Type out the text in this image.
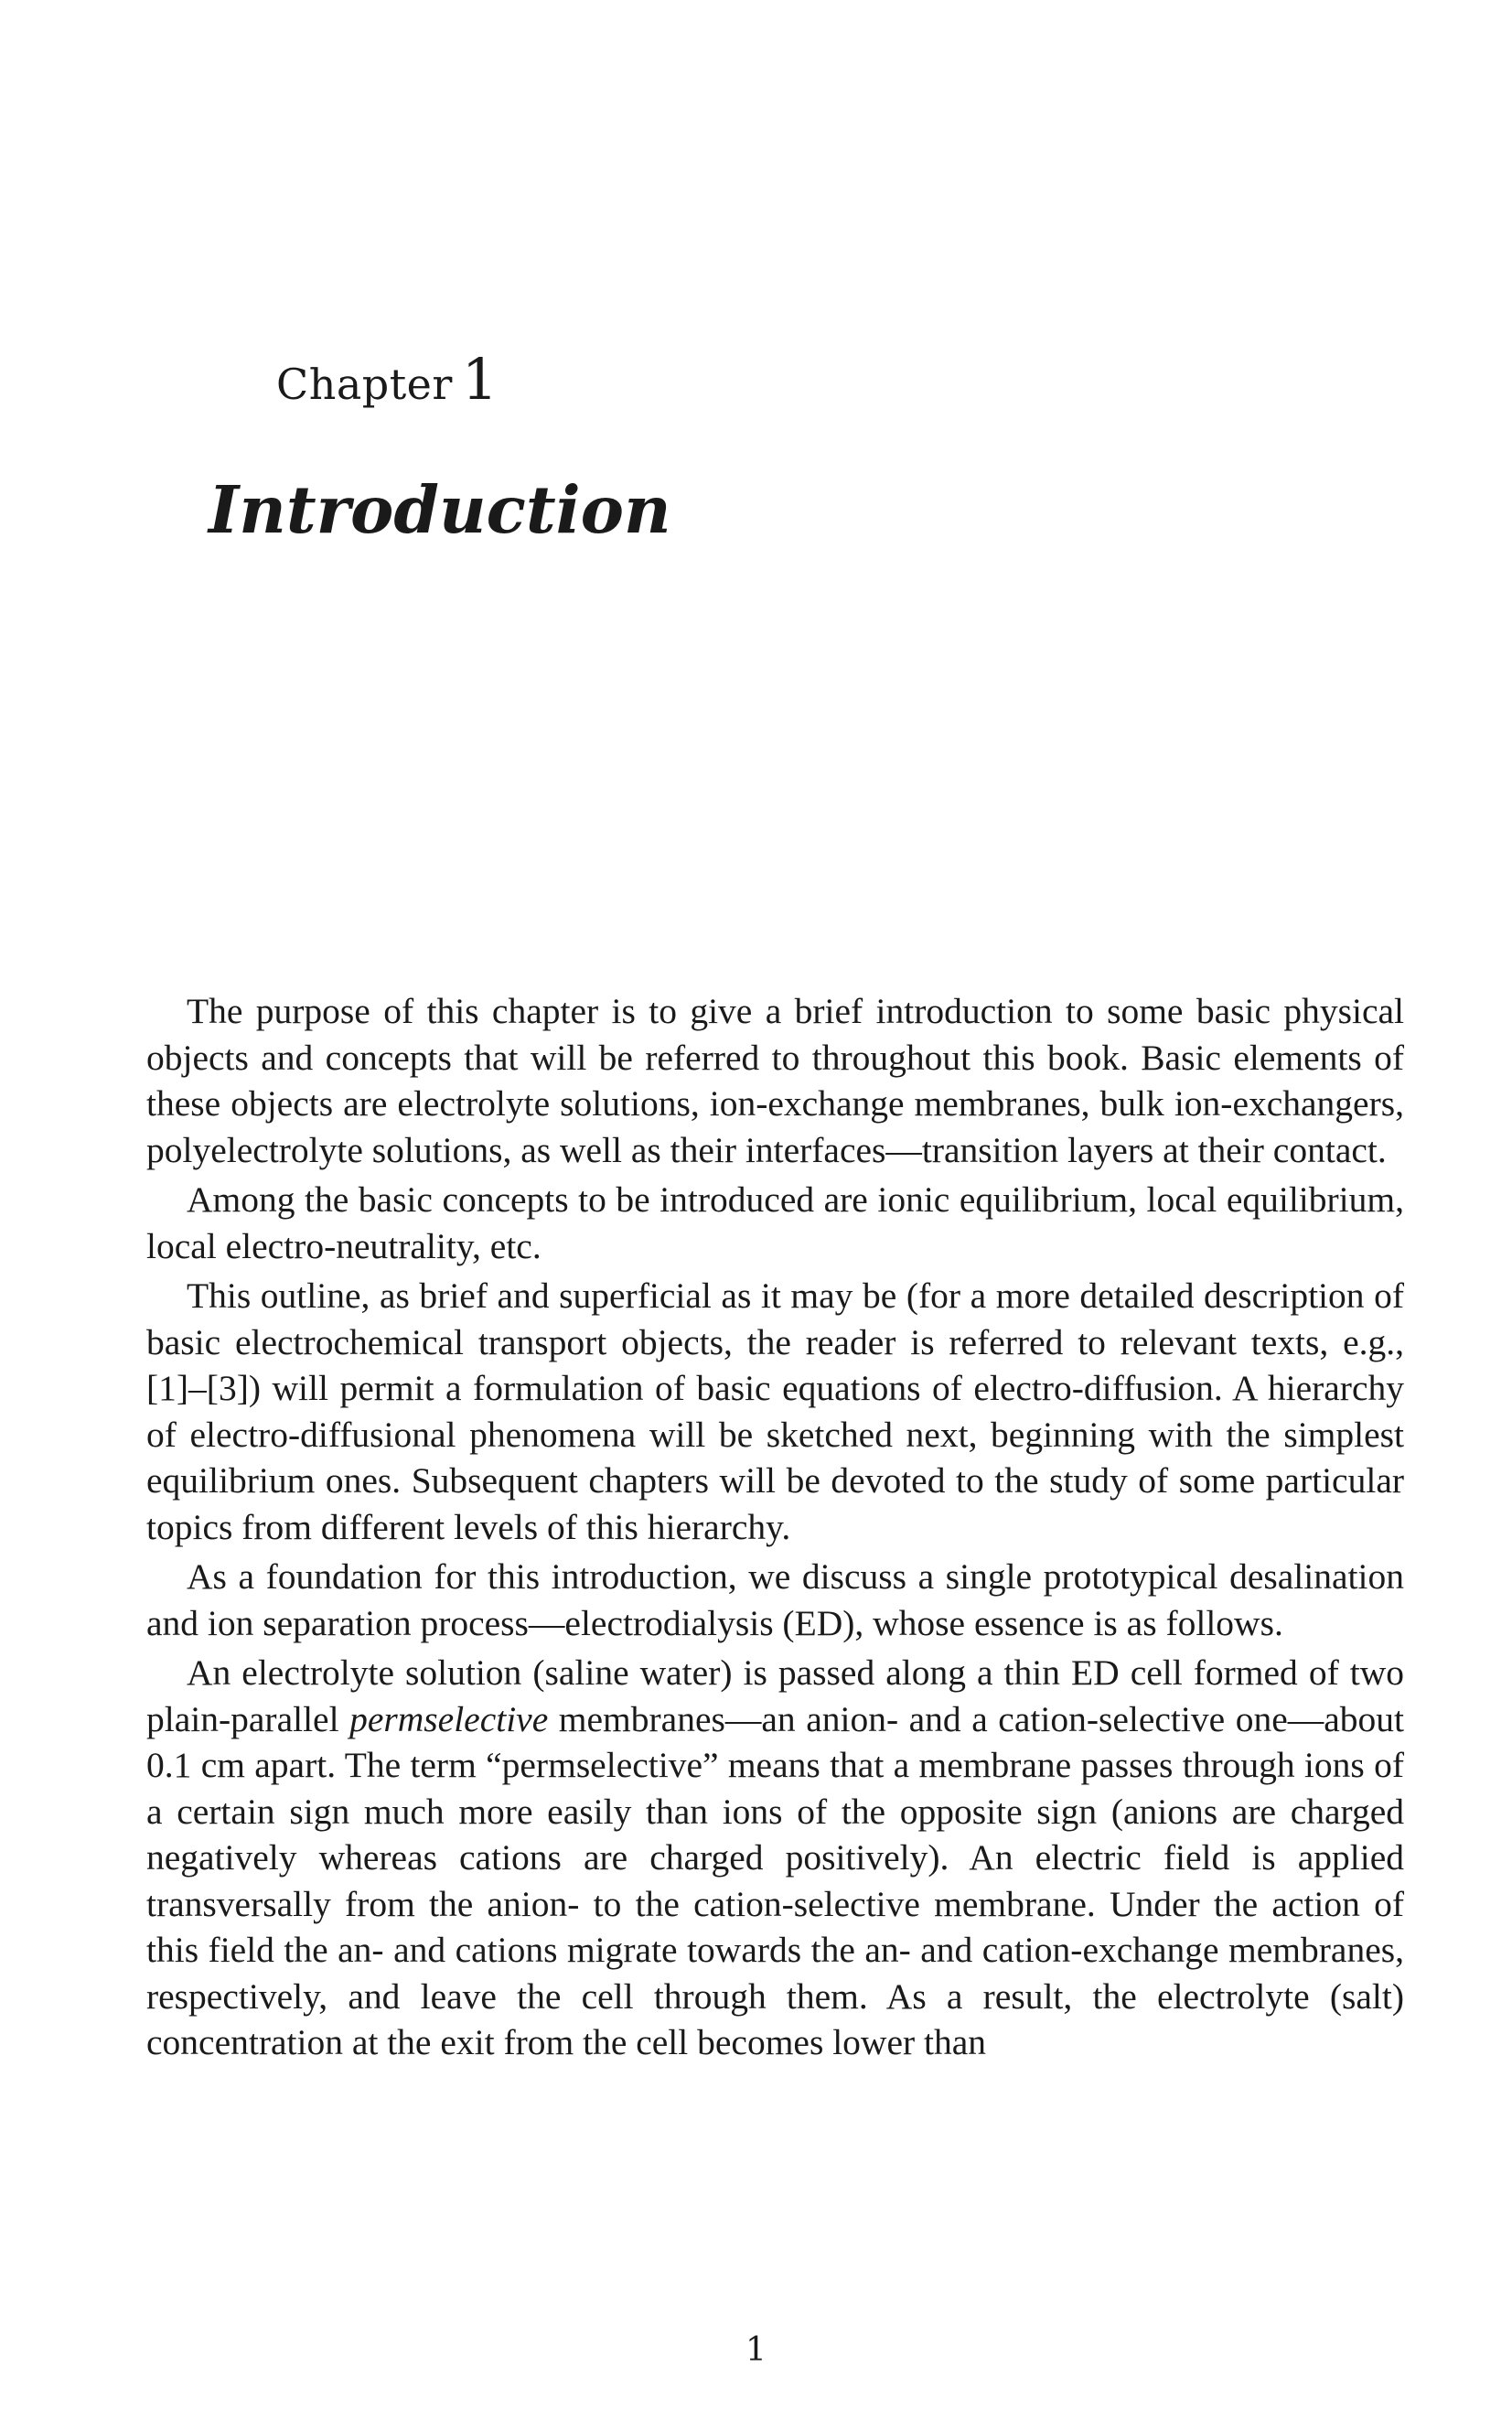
Chapter 1
Introduction

The purpose of this chapter is to give a brief introduction to some basic physical objects and concepts that will be referred to throughout this book. Basic elements of these objects are electrolyte solutions, ion-exchange membranes, bulk ion-exchangers, polyelectrolyte solutions, as well as their interfaces—transition layers at their contact.

Among the basic concepts to be introduced are ionic equilibrium, local equilibrium, local electro-neutrality, etc.

This outline, as brief and superficial as it may be (for a more detailed description of basic electrochemical transport objects, the reader is referred to relevant texts, e.g., [1]–[3]) will permit a formulation of basic equations of electro-diffusion. A hierarchy of electro-diffusional phenomena will be sketched next, beginning with the simplest equilibrium ones. Subsequent chapters will be devoted to the study of some particular topics from different levels of this hierarchy.

As a foundation for this introduction, we discuss a single prototypical desalination and ion separation process—electrodialysis (ED), whose essence is as follows.

An electrolyte solution (saline water) is passed along a thin ED cell formed of two plain-parallel permselective membranes—an anion- and a cation-selective one—about 0.1 cm apart. The term “permselective” means that a membrane passes through ions of a certain sign much more easily than ions of the opposite sign (anions are charged negatively whereas cations are charged positively). An electric field is applied transversally from the anion- to the cation-selective membrane. Under the action of this field the an- and cations migrate towards the an- and cation-exchange membranes, respectively, and leave the cell through them. As a result, the electrolyte (salt) concentration at the exit from the cell becomes lower than

1
